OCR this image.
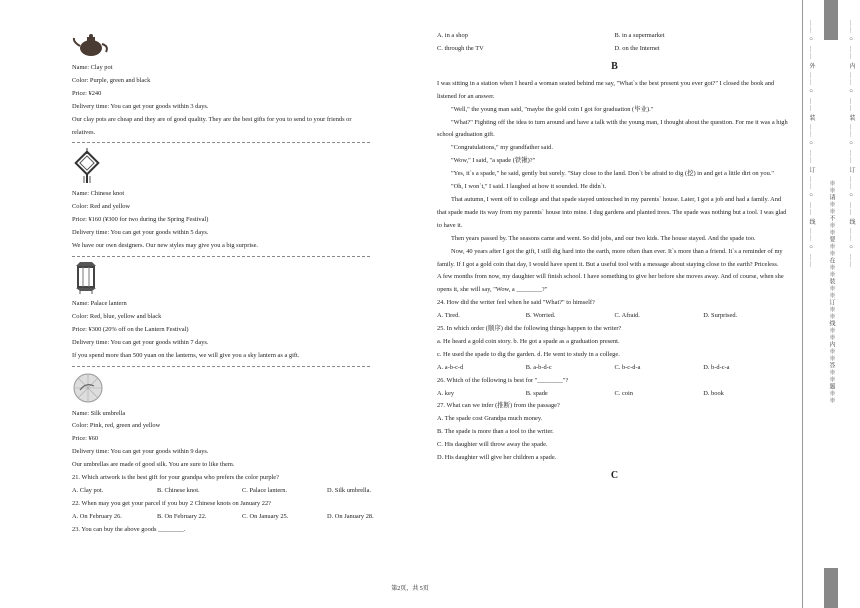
Name: Clay pot
Color: Purple, green and black
Price: ¥240
Delivery time: You can get your goods within 3 days.
Our clay pots are cheap and they are of good quality. They are the best gifts for you to send to your friends or
relatives.
Name: Chinese knot
Color: Red and yellow
Price: ¥160 (¥300 for two during the Spring Festival)
Delivery time: You can get your goods within 5 days.
We have our own designers. Our new styles may give you a big surprise.
Name: Palace lantern
Color: Red, blue, yellow and black
Price: ¥300 (20% off on the Lantern Festival)
Delivery time: You can get your goods within 7 days.
If you spend more than 500 yuan on the lanterns, we will give you a sky lantern as a gift.
Name: Silk umbrella
Color: Pink, red, green and yellow
Price: ¥60
Delivery time: You can get your goods within 9 days.
Our umbrellas are made of good silk. You are sure to like them.
21. Which artwork is the best gift for your grandpa who prefers the color purple?
A. Clay pot.	B. Chinese knot.	C. Palace lantern.	D. Silk umbrella.
22. When may you get your parcel if you buy 2 Chinese knots on January 22?
A. On February 26.	B. On February 22.	C. On January 25.	D. On January 28.
23. You can buy the above goods ________.
A. in a shop	B. in a supermarket
C. through the TV	D. on the Internet
B
I was sitting in a station when I heard a woman seated behind me say, "What`s the best present you ever got?" I closed the book and listened for an answer.
"Well," the young man said, "maybe the gold coin I got for graduation (毕业)."
"What?" Fighting off the idea to turn around and have a talk with the young man, I thought about the question. For me it was a high school graduation gift.
"Congratulations," my grandfather said.
"Wow," I said, "a spade (铁锹)?"
"Yes, it`s a spade," he said, gently but surely. "Stay close to the land. Don`t be afraid to dig (挖) in and get a little dirt on you."
"Oh, I won`t," I said. I laughed at how it sounded. He didn`t.
That autumn, I went off to college and that spade stayed untouched in my parents` house. Later, I got a job and had a family. And that spade made its way from my parents` house into mine. I dug gardens and planted trees. The spade was nothing but a tool. I was glad to have it.
Then years passed by. The seasons came and went. So did jobs, and our two kids. The house stayed. And the spade too.
Now, 40 years after I got the gift, I still dig hard into the earth, more often than ever. It`s more than a friend. It`s a reminder of my family. If I got a gold coin that day, I would have spent it. But a useful tool with a message about staying close to the earth? Priceless.
A few months from now, my daughter will finish school. I have something to give her before she moves away. And of course, when she opens it, she will say, "Wow, a ________?"
24. How did the writer feel when he said "What?" to himself?
A. Tired.	B. Worried.	C. Afraid.	D. Surprised.
25. In which order (顺序) did the following things happen to the writer?
a. He heard a gold coin story. b. He got a spade as a graduation present.
c. He used the spade to dig the garden. d. He went to study in a college.
A. a-b-c-d	B. a-b-d-c	C. b-c-d-a	D. b-d-c-a
26. Which of the following is best for "________"?
A. key	B. spade	C. coin	D. book
27. What can we infer (推断) from the passage?
A. The spade cost Grandpa much money.
B. The spade is more than a tool to the writer.
C. His daughter will throw away the spade.
D. His daughter will give her children a spade.
C
第2页，共 5页
…… ○ …… 外 …… ○ …… 装 …… ○ …… 订 …… ○ …… 线 …… ○ ……
※※请※※不※※要※※在※※装※※订※※线※※内※※答※※题※※
…… ○ …… 内 …… ○ …… 装 …… ○ …… 订 …… ○ …… 线 …… ○ ……
